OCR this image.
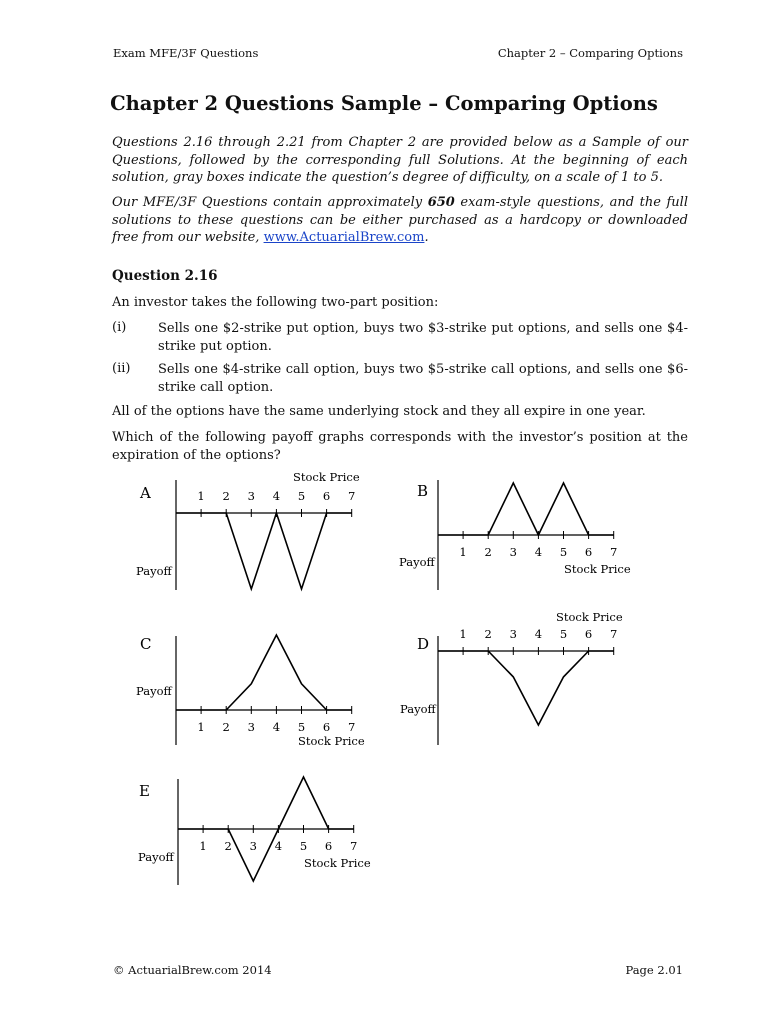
Exam MFE/3F Questions	Chapter 2 – Comparing Options
Chapter 2 Questions Sample – Comparing Options
Questions 2.16 through 2.21 from Chapter 2 are provided below as a Sample of our Questions, followed by the corresponding full Solutions. At the beginning of each solution, gray boxes indicate the question’s degree of difficulty, on a scale of 1 to 5.
Our MFE/3F Questions contain approximately 650 exam-style questions, and the full solutions to these questions can be either purchased as a hardcopy or downloaded free from our website, www.ActuarialBrew.com.
Question 2.16
An investor takes the following two-part position:
(i) Sells one $2-strike put option, buys two $3-strike put options, and sells one $4-strike put option.
(ii) Sells one $4-strike call option, buys two $5-strike call options, and sells one $6-strike call option.
All of the options have the same underlying stock and they all expire in one year.
Which of the following payoff graphs corresponds with the investor’s position at the expiration of the options?
A	1 2 3 4 5 6 7
Payoff
Stock Price
B
1 2 3 4 5 6 7
Payoff	Stock Price
C
1 2 3 4 5 6 7
Payoff
Stock Price
D
1 2 3 4 5 6 7
Payoff
Stock Price
E
1 2 3 4 5 6 7
Payoff	Stock Price
© ActuarialBrew.com 2014	Page 2.01
